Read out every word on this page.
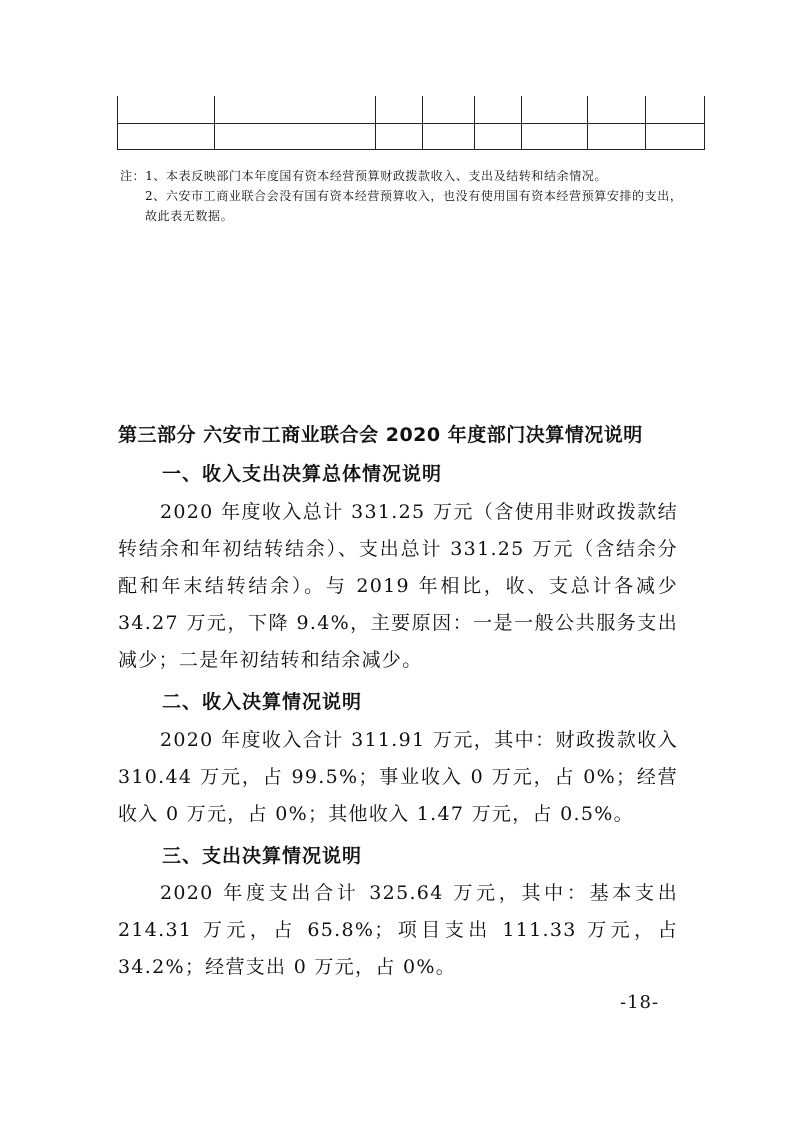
注：1、本表反映部门本年度国有资本经营预算财政拨款收入、支出及结转和结余情况。

2、六安市工商业联合会没有国有资本经营预算收入，也没有使用国有资本经营预算安排的支出，故此表无数据。

第三部分 六安市工商业联合会 2020 年度部门决算情况说明
一、收入支出决算总体情况说明

2020 年度收入总计 331.25 万元（含使用非财政拨款结转结余和年初结转结余）、支出总计 331.25 万元（含结余分配和年末结转结余）。与 2019 年相比，收、支总计各减少 34.27 万元，下降 9.4%，主要原因：一是一般公共服务支出减少；二是年初结转和结余减少。

二、收入决算情况说明

2020 年度收入合计 311.91 万元，其中：财政拨款收入 310.44 万元，占 99.5%；事业收入 0 万元，占 0%；经营收入 0 万元，占 0%；其他收入 1.47 万元，占 0.5%。

三、支出决算情况说明

2020 年度支出合计 325.64 万元，其中：基本支出 214.31 万元，占 65.8%；项目支出 111.33 万元，占 34.2%；经营支出 0 万元，占 0%。

-18-
